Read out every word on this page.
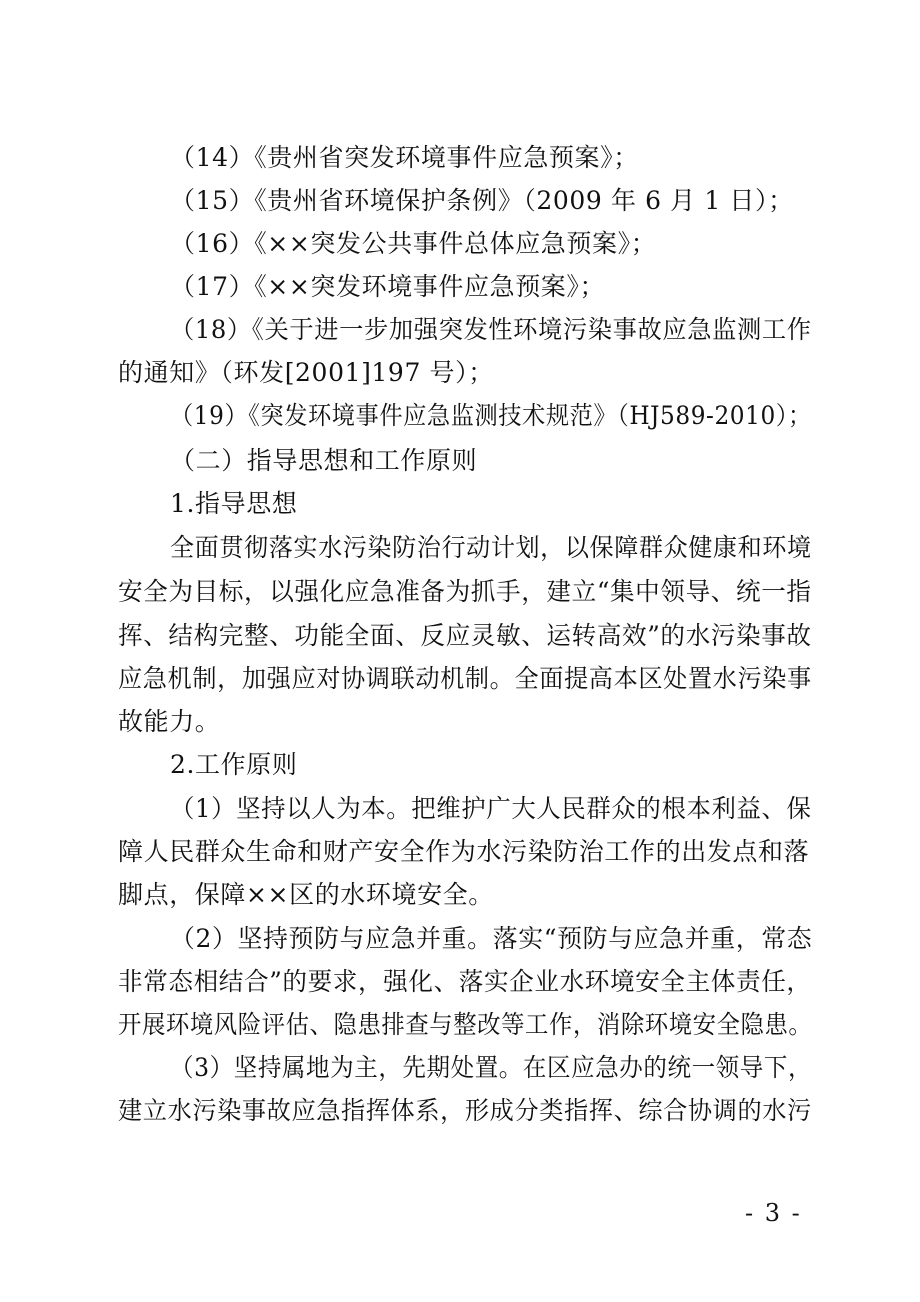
（14）《贵州省突发环境事件应急预案》；
（15）《贵州省环境保护条例》（2009 年 6 月 1 日）；
（16）《××突发公共事件总体应急预案》；
（17）《××突发环境事件应急预案》；
（18）《关于进一步加强突发性环境污染事故应急监测工作
的通知》（环发[2001]197 号）；
（19）《突发环境事件应急监测技术规范》（HJ589-2010）；
（二）指导思想和工作原则
1.指导思想
全面贯彻落实水污染防治行动计划，以保障群众健康和环境
安全为目标，以强化应急准备为抓手，建立“集中领导、统一指
挥、结构完整、功能全面、反应灵敏、运转高效”的水污染事故
应急机制，加强应对协调联动机制。全面提高本区处置水污染事
故能力。
2.工作原则
（1）坚持以人为本。把维护广大人民群众的根本利益、保
障人民群众生命和财产安全作为水污染防治工作的出发点和落
脚点，保障××区的水环境安全。
（2）坚持预防与应急并重。落实“预防与应急并重，常态
非常态相结合”的要求，强化、落实企业水环境安全主体责任，
开展环境风险评估、隐患排查与整改等工作，消除环境安全隐患。
（3）坚持属地为主，先期处置。在区应急办的统一领导下，
建立水污染事故应急指挥体系，形成分类指挥、综合协调的水污
- 3 -
